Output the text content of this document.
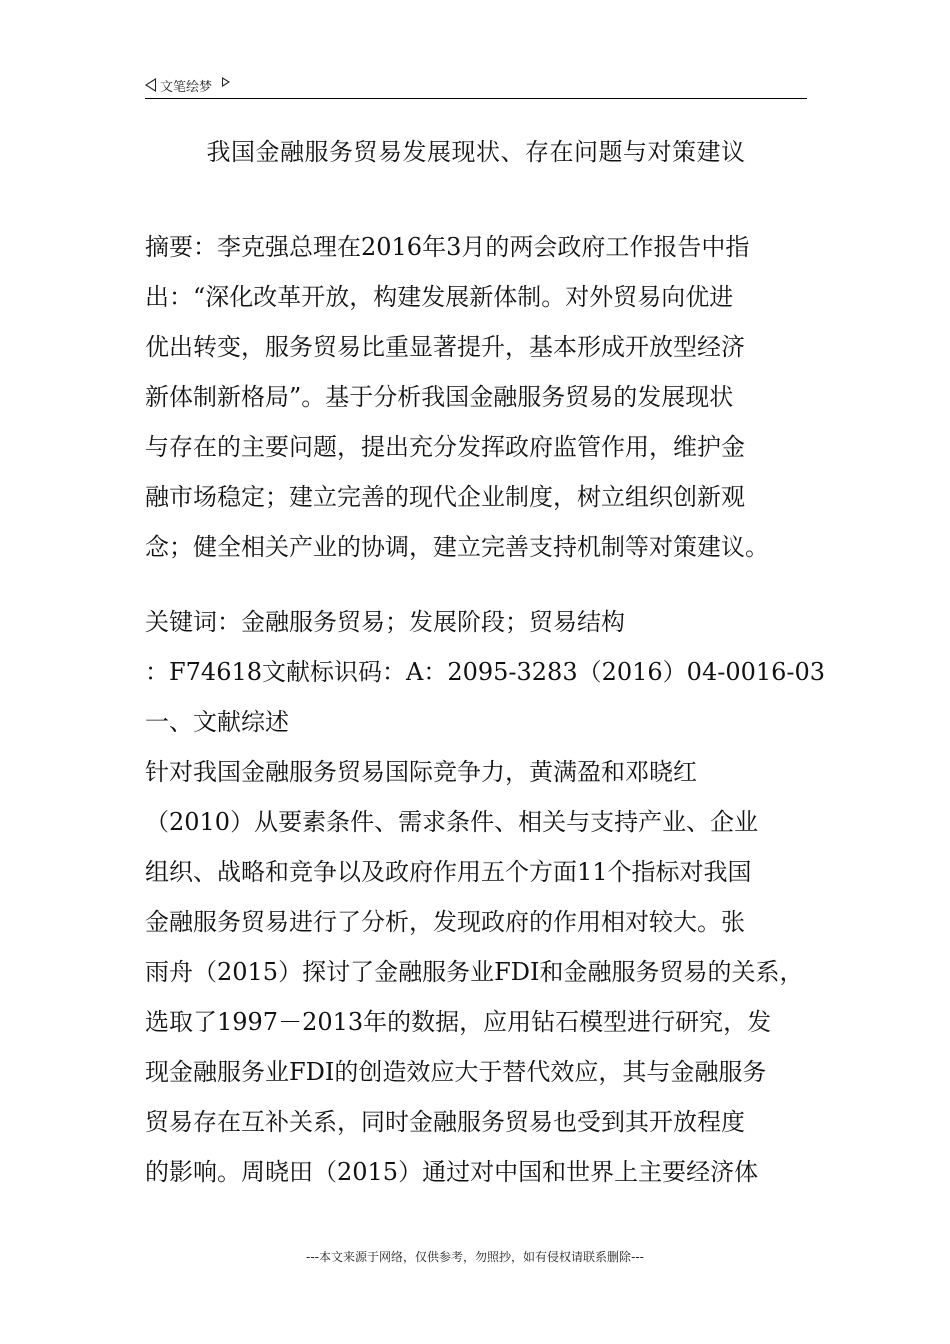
文笔绘梦
我国金融服务贸易发展现状、存在问题与对策建议
摘要：李克强总理在2016年3月的两会政府工作报告中指
出：“深化改革开放，构建发展新体制。对外贸易向优进
优出转变，服务贸易比重显著提升，基本形成开放型经济
新体制新格局”。基于分析我国金融服务贸易的发展现状
与存在的主要问题，提出充分发挥政府监管作用，维护金
融市场稳定；建立完善的现代企业制度，树立组织创新观
念；健全相关产业的协调，建立完善支持机制等对策建议。
关键词：金融服务贸易；发展阶段；贸易结构
：F74618文献标识码：A：2095-3283（2016）04-0016-03
一、文献综述
针对我国金融服务贸易国际竞争力，黄满盈和邓晓红
（2010）从要素条件、需求条件、相关与支持产业、企业
组织、战略和竞争以及政府作用五个方面11个指标对我国
金融服务贸易进行了分析，发现政府的作用相对较大。张
雨舟（2015）探讨了金融服务业FDI和金融服务贸易的关系，
选取了1997－2013年的数据，应用钻石模型进行研究，发
现金融服务业FDI的创造效应大于替代效应，其与金融服务
贸易存在互补关系，同时金融服务贸易也受到其开放程度
的影响。周晓田（2015）通过对中国和世界上主要经济体
---本文来源于网络，仅供参考，勿照抄，如有侵权请联系删除---
